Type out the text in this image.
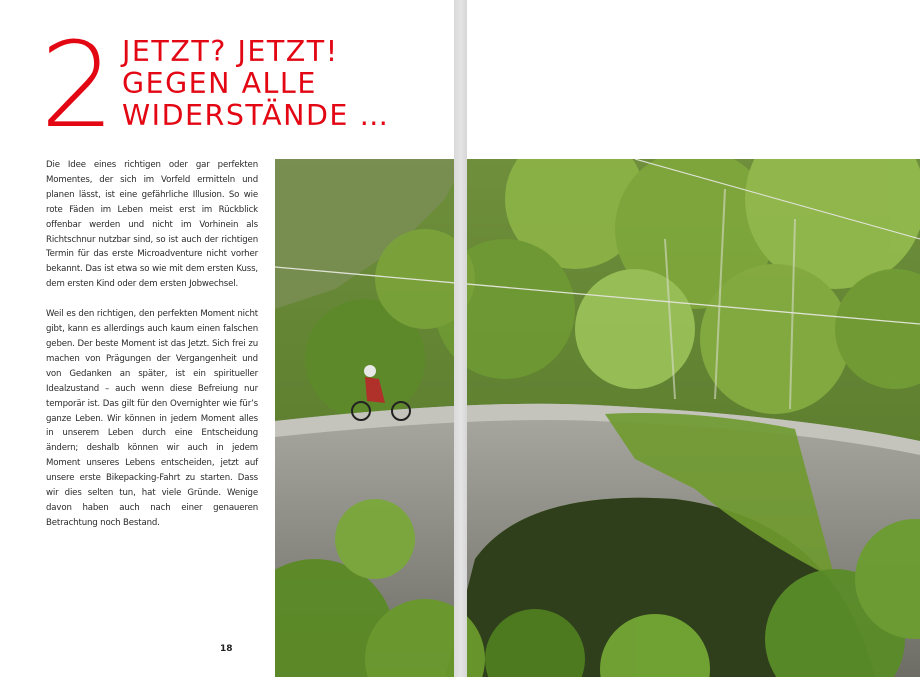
2 JETZT? JETZT!
GEGEN ALLE
WIDERSTÄNDE …

Die Idee eines richtigen oder gar perfekten Momentes, der sich im Vorfeld ermitteln und planen lässt, ist eine gefährliche Illusion. So wie rote Fäden im Leben meist erst im Rückblick offenbar werden und nicht im Vorhinein als Richtschnur nutzbar sind, so ist auch der richtigen Termin für das erste Microadventure nicht vorher bekannt. Das ist etwa so wie mit dem ersten Kuss, dem ersten Kind oder dem ersten Jobwechsel.

Weil es den richtigen, den perfekten Moment nicht gibt, kann es allerdings auch kaum einen falschen geben. Der beste Moment ist das Jetzt. Sich frei zu machen von Prägungen der Vergangenheit und von Gedanken an später, ist ein spiritueller Idealzustand – auch wenn diese Befreiung nur temporär ist. Das gilt für den Overnighter wie für’s ganze Leben. Wir können in jedem Moment alles in unserem Leben durch eine Entscheidung ändern; deshalb können wir auch in jedem Moment unseres Lebens entscheiden, jetzt auf unsere erste Bikepacking-Fahrt zu starten. Dass wir dies selten tun, hat viele Gründe. Wenige davon haben auch nach einer genaueren Betrachtung noch Bestand.

18
